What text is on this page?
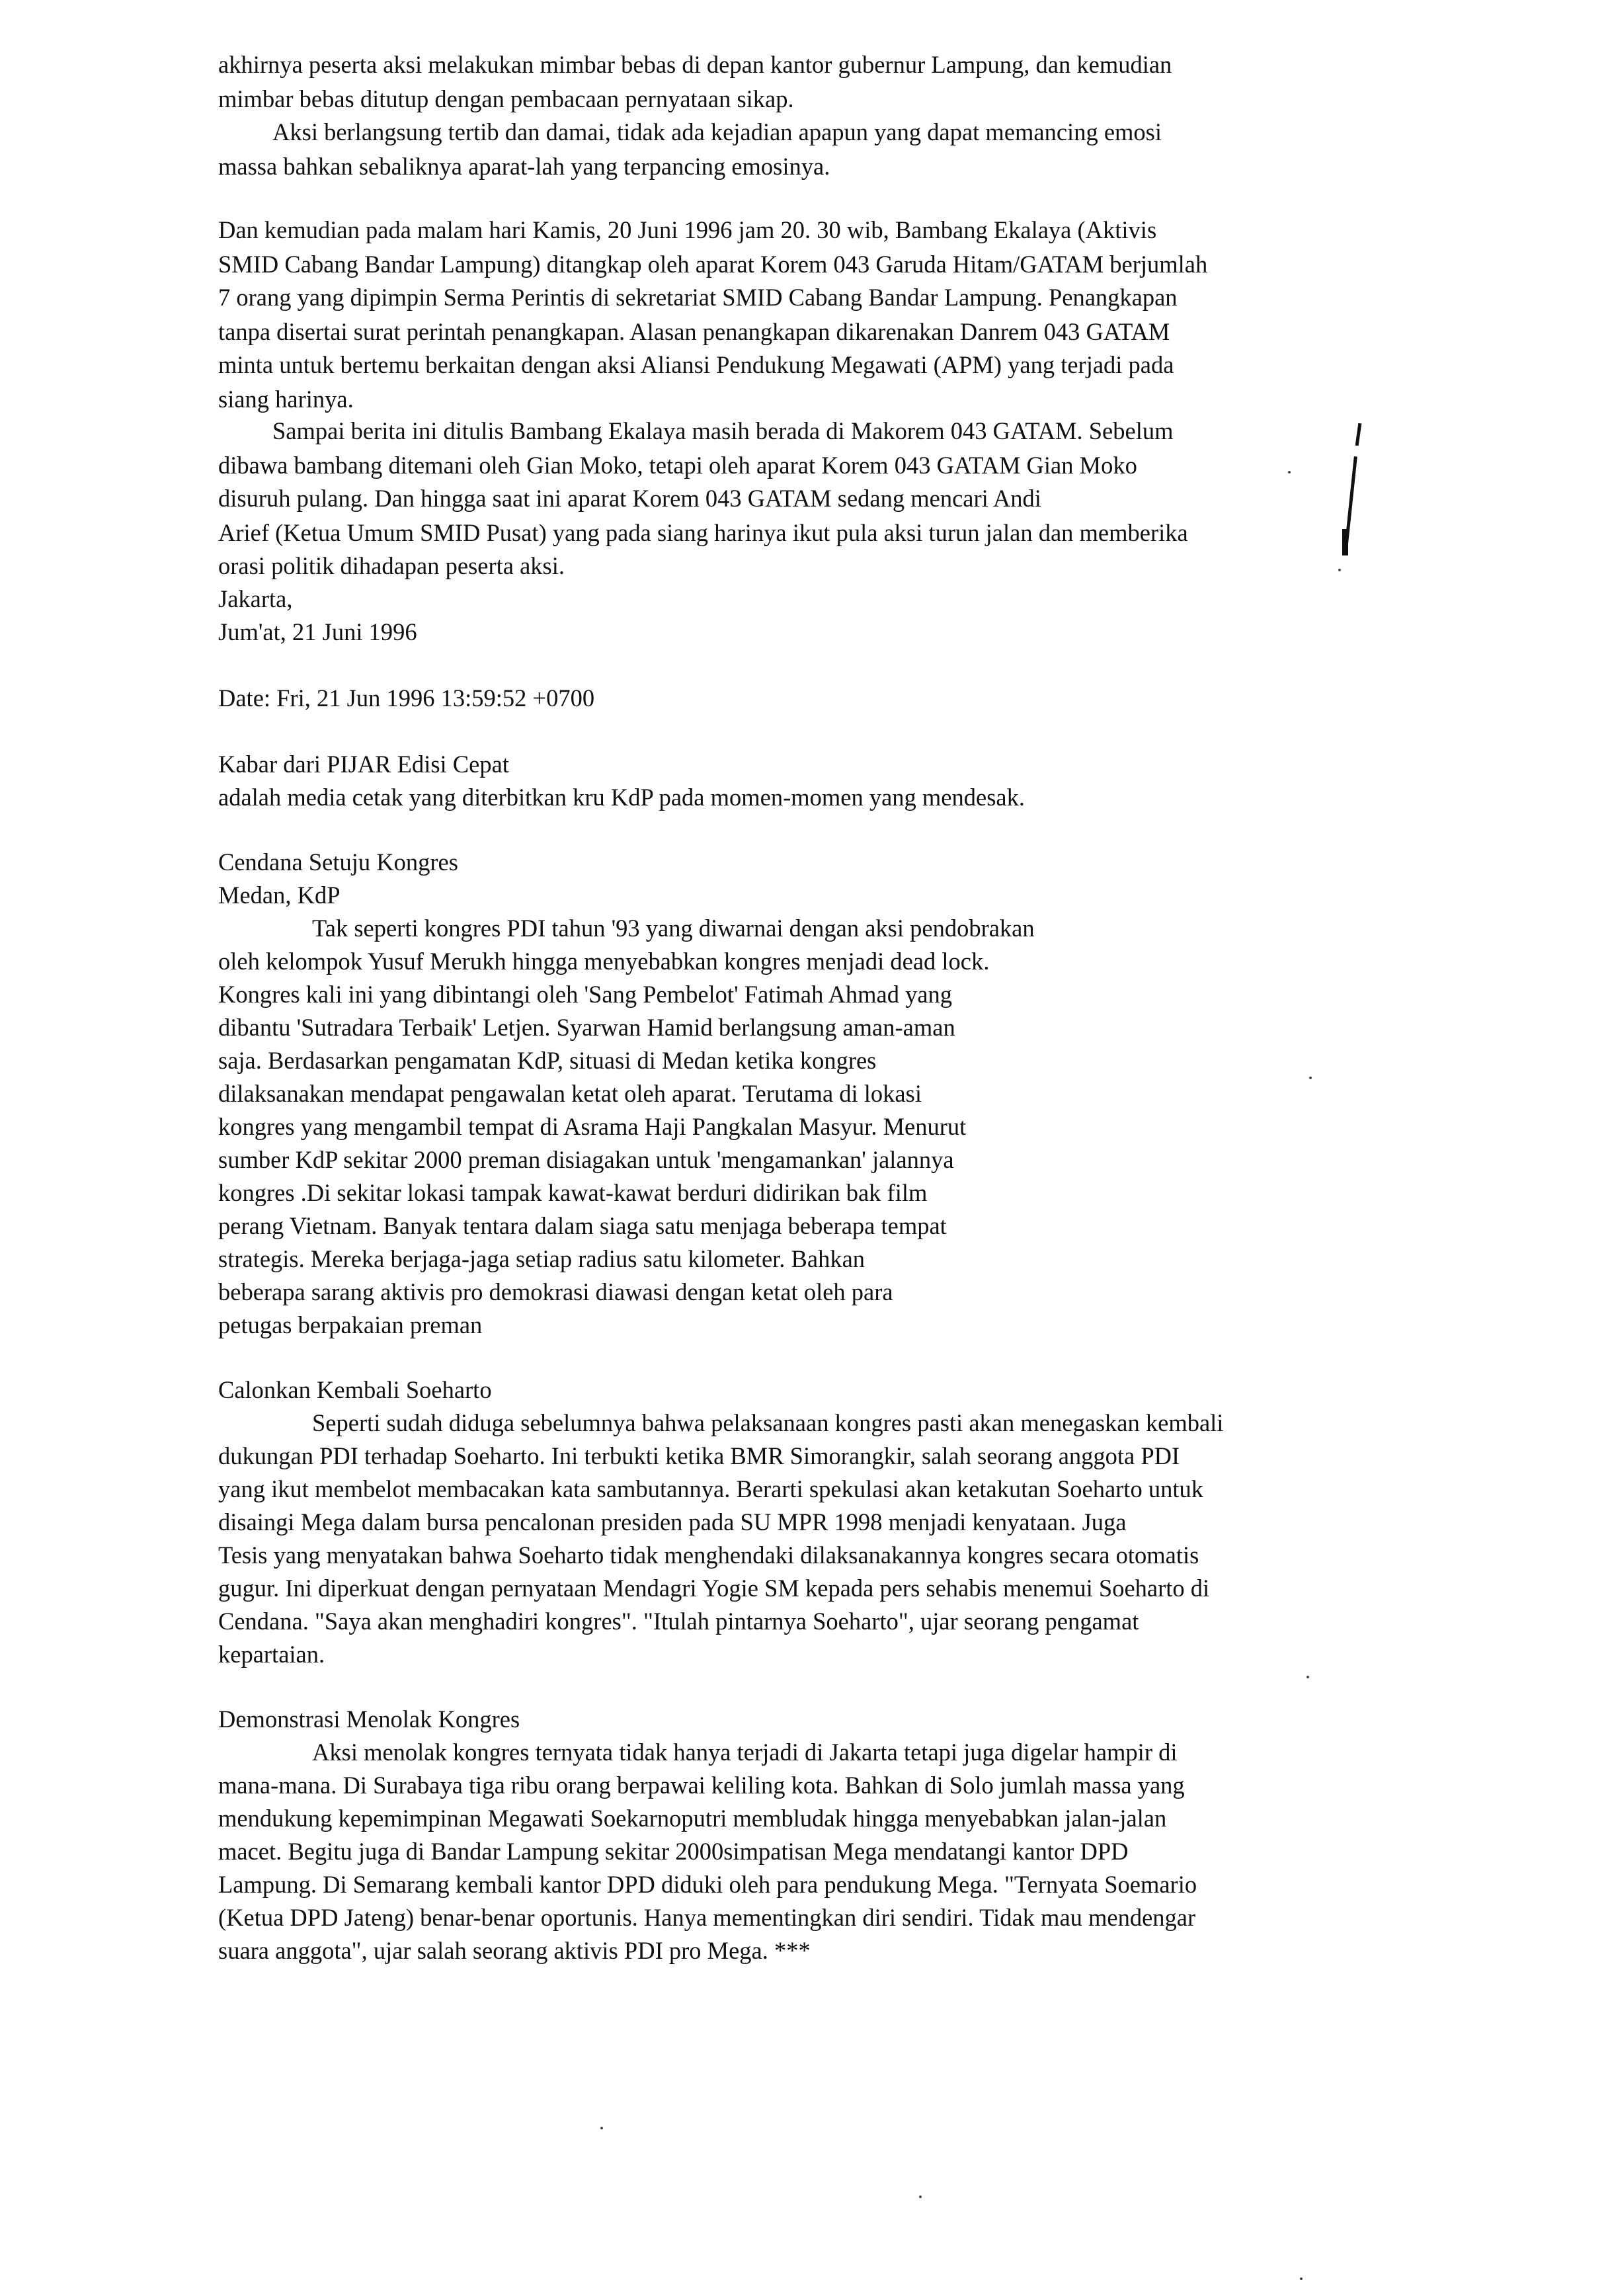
akhirnya peserta aksi melakukan mimbar bebas di depan kantor gubernur Lampung, dan kemudian

mimbar bebas ditutup dengan pembacaan pernyataan sikap.

Aksi berlangsung tertib dan damai, tidak ada kejadian apapun yang dapat memancing emosi

massa bahkan sebaliknya aparat-lah yang terpancing emosinya.

Dan kemudian pada malam hari Kamis, 20 Juni 1996 jam 20. 30 wib, Bambang Ekalaya (Aktivis

SMID Cabang Bandar Lampung) ditangkap oleh aparat Korem 043 Garuda Hitam/GATAM berjumlah

7 orang yang dipimpin Serma Perintis di sekretariat SMID Cabang Bandar Lampung. Penangkapan

tanpa disertai surat perintah penangkapan. Alasan penangkapan dikarenakan Danrem 043 GATAM

minta untuk bertemu berkaitan dengan aksi Aliansi Pendukung Megawati (APM) yang terjadi pada

siang harinya.

Sampai berita ini ditulis Bambang Ekalaya masih berada di Makorem 043 GATAM. Sebelum

dibawa bambang ditemani oleh Gian Moko, tetapi oleh aparat Korem 043 GATAM Gian Moko

disuruh pulang. Dan hingga saat ini aparat Korem 043 GATAM sedang mencari Andi

Arief (Ketua Umum SMID Pusat) yang pada siang harinya ikut pula aksi turun jalan dan memberika

orasi politik dihadapan peserta aksi.

Jakarta,

Jum'at, 21 Juni 1996

Date: Fri, 21 Jun 1996 13:59:52 +0700

Kabar dari PIJAR Edisi Cepat

adalah media cetak yang diterbitkan kru KdP pada momen-momen yang mendesak.

Cendana Setuju Kongres

Medan, KdP

Tak seperti kongres PDI tahun '93 yang diwarnai dengan aksi pendobrakan

oleh kelompok Yusuf Merukh hingga menyebabkan kongres menjadi dead lock.

Kongres kali ini yang dibintangi oleh 'Sang Pembelot' Fatimah Ahmad yang

dibantu 'Sutradara Terbaik' Letjen. Syarwan Hamid berlangsung aman-aman

saja. Berdasarkan pengamatan KdP, situasi di Medan ketika kongres

dilaksanakan mendapat pengawalan ketat oleh aparat. Terutama di lokasi

kongres yang mengambil tempat di Asrama Haji Pangkalan Masyur. Menurut

sumber KdP sekitar 2000 preman disiagakan untuk 'mengamankan' jalannya

kongres .Di sekitar lokasi tampak kawat-kawat berduri didirikan bak film

perang Vietnam. Banyak tentara dalam siaga satu menjaga beberapa tempat

strategis. Mereka berjaga-jaga setiap radius satu kilometer. Bahkan

beberapa sarang aktivis pro demokrasi diawasi dengan ketat oleh para

petugas berpakaian preman

Calonkan Kembali Soeharto

Seperti sudah diduga sebelumnya bahwa pelaksanaan kongres pasti akan menegaskan kembali

dukungan PDI terhadap Soeharto. Ini terbukti ketika BMR Simorangkir, salah seorang anggota PDI

yang ikut membelot membacakan kata sambutannya. Berarti spekulasi akan ketakutan Soeharto untuk

disaingi Mega dalam bursa pencalonan presiden pada SU MPR 1998 menjadi kenyataan. Juga

Tesis yang menyatakan bahwa Soeharto tidak menghendaki dilaksanakannya kongres secara otomatis

gugur. Ini diperkuat dengan pernyataan Mendagri Yogie SM kepada pers sehabis menemui Soeharto di

Cendana. "Saya akan menghadiri kongres". "Itulah pintarnya Soeharto", ujar seorang pengamat

kepartaian.

Demonstrasi Menolak Kongres

Aksi menolak kongres ternyata tidak hanya terjadi di Jakarta tetapi juga digelar hampir di

mana-mana. Di Surabaya tiga ribu orang berpawai keliling kota. Bahkan di Solo jumlah massa yang

mendukung kepemimpinan Megawati Soekarnoputri membludak hingga menyebabkan jalan-jalan

macet. Begitu juga di Bandar Lampung sekitar 2000simpatisan Mega mendatangi kantor DPD

Lampung. Di Semarang kembali kantor DPD diduki oleh para pendukung Mega. "Ternyata Soemario

(Ketua DPD Jateng) benar-benar oportunis. Hanya mementingkan diri sendiri. Tidak mau mendengar

suara anggota", ujar salah seorang aktivis PDI pro Mega. ***
